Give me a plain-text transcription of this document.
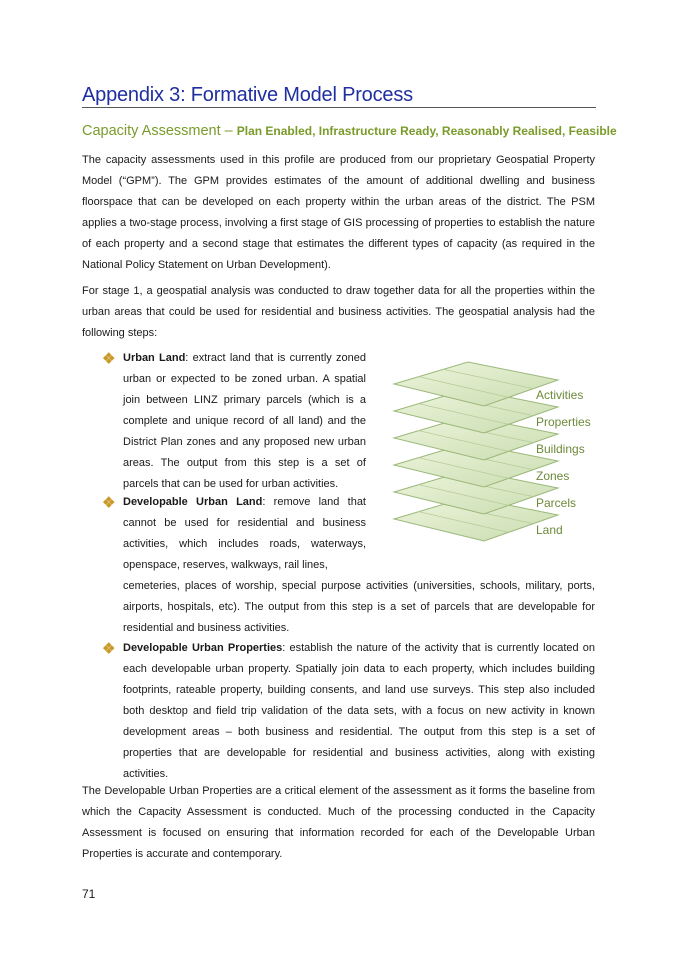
Appendix 3: Formative Model Process
Capacity Assessment – Plan Enabled, Infrastructure Ready, Reasonably Realised, Feasible
The capacity assessments used in this profile are produced from our proprietary Geospatial Property Model (“GPM”). The GPM provides estimates of the amount of additional dwelling and business floorspace that can be developed on each property within the urban areas of the district. The PSM applies a two-stage process, involving a first stage of GIS processing of properties to establish the nature of each property and a second stage that estimates the different types of capacity (as required in the National Policy Statement on Urban Development).
For stage 1, a geospatial analysis was conducted to draw together data for all the properties within the urban areas that could be used for residential and business activities. The geospatial analysis had the following steps:
Urban Land: extract land that is currently zoned urban or expected to be zoned urban. A spatial join between LINZ primary parcels (which is a complete and unique record of all land) and the District Plan zones and any proposed new urban areas. The output from this step is a set of parcels that can be used for urban activities.
Developable Urban Land: remove land that cannot be used for residential and business activities, which includes roads, waterways, openspace, reserves, walkways, rail lines,
cemeteries, places of worship, special purpose activities (universities, schools, military, ports, airports, hospitals, etc). The output from this step is a set of parcels that are developable for residential and business activities.
Developable Urban Properties: establish the nature of the activity that is currently located on each developable urban property. Spatially join data to each property, which includes building footprints, rateable property, building consents, and land use surveys. This step also included both desktop and field trip validation of the data sets, with a focus on new activity in known development areas – both business and residential. The output from this step is a set of properties that are developable for residential and business activities, along with existing activities.
The Developable Urban Properties are a critical element of the assessment as it forms the baseline from which the Capacity Assessment is conducted. Much of the processing conducted in the Capacity Assessment is focused on ensuring that information recorded for each of the Developable Urban Properties is accurate and contemporary.
Activities
Properties
Buildings
Zones
Parcels
Land
71
